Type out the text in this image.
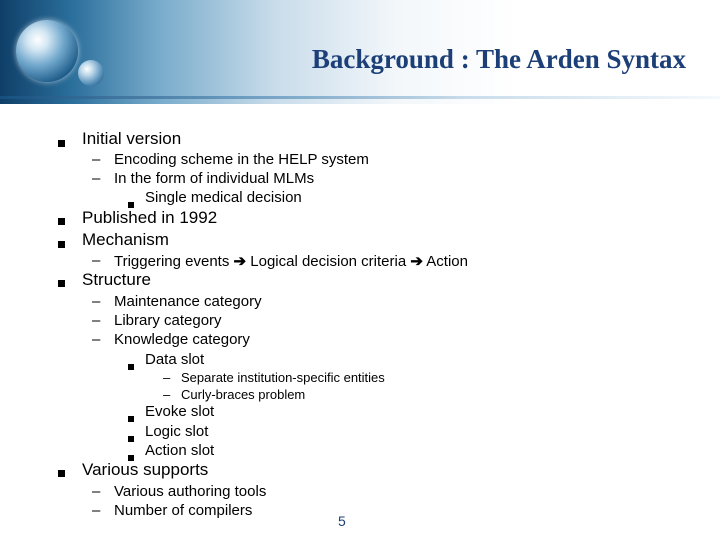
Background : The Arden Syntax
Initial version
– Encoding scheme in the HELP system
– In the form of individual MLMs
Single medical decision
Published in 1992
Mechanism
– Triggering events ➔ Logical decision criteria ➔ Action
Structure
– Maintenance category
– Library category
– Knowledge category
Data slot
– Separate institution-specific entities
– Curly-braces problem
Evoke slot
Logic slot
Action slot
Various supports
– Various authoring tools
– Number of compilers
5
